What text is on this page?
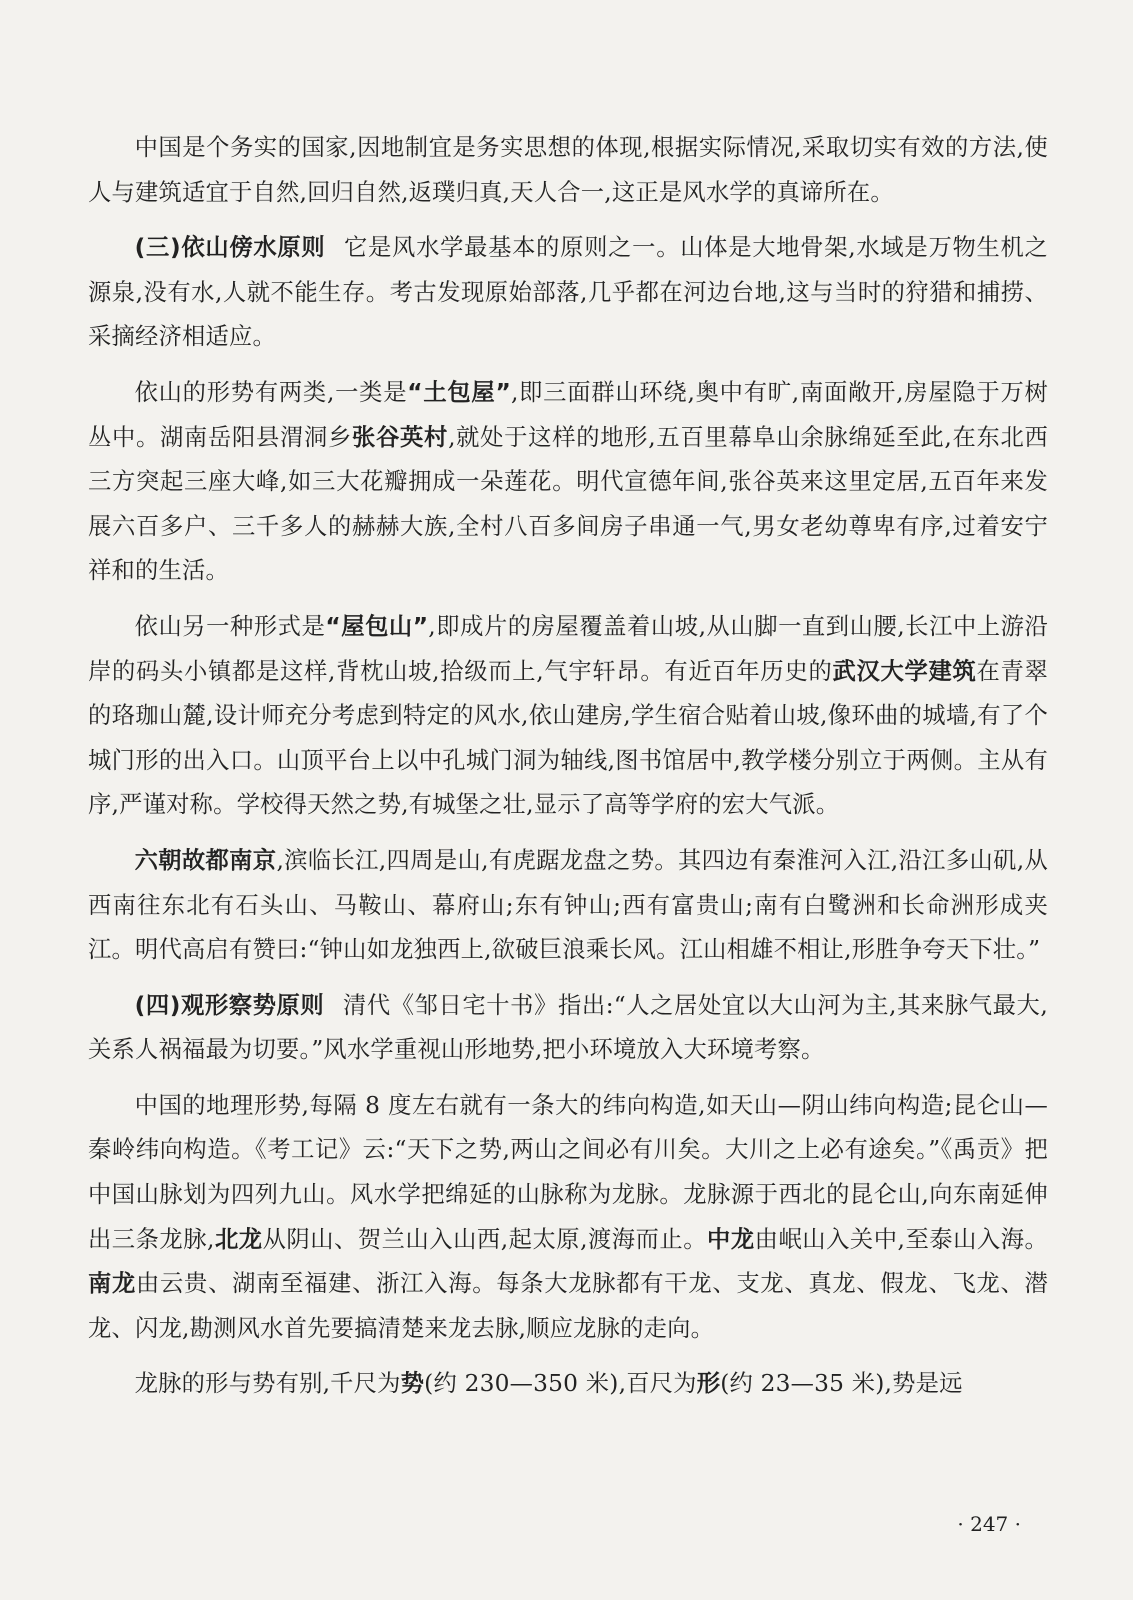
中国是个务实的国家,因地制宜是务实思想的体现,根据实际情况,采取切实有效的方法,使人与建筑适宜于自然,回归自然,返璞归真,天人合一,这正是风水学的真谛所在。

(三)依山傍水原则 它是风水学最基本的原则之一。山体是大地骨架,水域是万物生机之源泉,没有水,人就不能生存。考古发现原始部落,几乎都在河边台地,这与当时的狩猎和捕捞、采摘经济相适应。

依山的形势有两类,一类是“土包屋”,即三面群山环绕,奥中有旷,南面敞开,房屋隐于万树丛中。湖南岳阳县渭洞乡张谷英村,就处于这样的地形,五百里幕阜山余脉绵延至此,在东北西三方突起三座大峰,如三大花瓣拥成一朵莲花。明代宣德年间,张谷英来这里定居,五百年来发展六百多户、三千多人的赫赫大族,全村八百多间房子串通一气,男女老幼尊卑有序,过着安宁祥和的生活。

依山另一种形式是“屋包山”,即成片的房屋覆盖着山坡,从山脚一直到山腰,长江中上游沿岸的码头小镇都是这样,背枕山坡,拾级而上,气宇轩昂。有近百年历史的武汉大学建筑在青翠的珞珈山麓,设计师充分考虑到特定的风水,依山建房,学生宿合贴着山坡,像环曲的城墙,有了个城门形的出入口。山顶平台上以中孔城门洞为轴线,图书馆居中,教学楼分别立于两侧。主从有序,严谨对称。学校得天然之势,有城堡之壮,显示了高等学府的宏大气派。

六朝故都南京,滨临长江,四周是山,有虎踞龙盘之势。其四边有秦淮河入江,沿江多山矶,从西南往东北有石头山、马鞍山、幕府山;东有钟山;西有富贵山;南有白鹭洲和长命洲形成夹江。明代高启有赞曰:“钟山如龙独西上,欲破巨浪乘长风。江山相雄不相让,形胜争夸天下壮。”

(四)观形察势原则 清代《邹日宅十书》指出:“人之居处宜以大山河为主,其来脉气最大,关系人祸福最为切要。”风水学重视山形地势,把小环境放入大环境考察。

中国的地理形势,每隔 8 度左右就有一条大的纬向构造,如天山—阴山纬向构造;昆仑山—秦岭纬向构造。《考工记》云:“天下之势,两山之间必有川矣。大川之上必有途矣。”《禹贡》把中国山脉划为四列九山。风水学把绵延的山脉称为龙脉。龙脉源于西北的昆仑山,向东南延伸出三条龙脉,北龙从阴山、贺兰山入山西,起太原,渡海而止。中龙由岷山入关中,至泰山入海。南龙由云贵、湖南至福建、浙江入海。每条大龙脉都有干龙、支龙、真龙、假龙、飞龙、潜龙、闪龙,勘测风水首先要搞清楚来龙去脉,顺应龙脉的走向。

龙脉的形与势有别,千尺为势(约 230—350 米),百尺为形(约 23—35 米),势是远

· 247 ·
